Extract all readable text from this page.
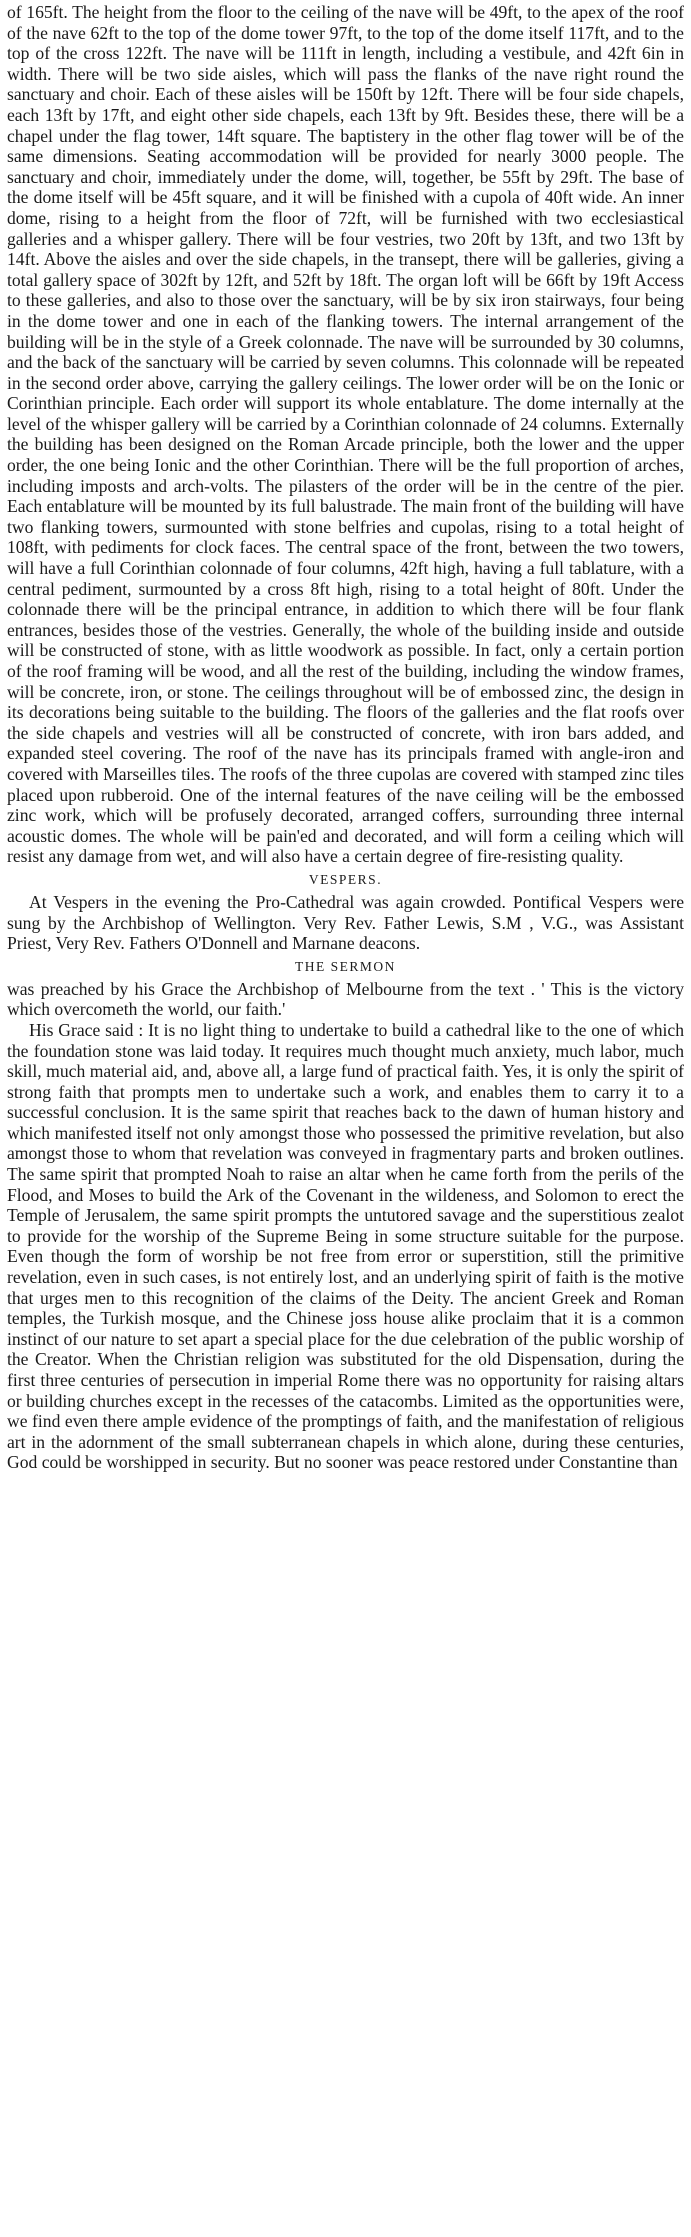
of 165ft. The height from the floor to the ceiling of the nave will be 49ft, to the apex of the roof of the nave 62ft to the top of the dome tower 97ft, to the top of the dome itself 117ft, and to the top of the cross 122ft. The nave will be 111ft in length, including a vestibule, and 42ft 6in in width. There will be two side aisles, which will pass the flanks of the nave right round the sanctuary and choir. Each of these aisles will be 150ft by 12ft. There will be four side chapels, each 13ft by 17ft, and eight other side chapels, each 13ft by 9ft. Besides these, there will be a chapel under the flag tower, 14ft square. The baptistery in the other flag tower will be of the same dimensions. Seating accommodation will be provided for nearly 3000 people. The sanctuary and choir, immediately under the dome, will, together, be 55ft by 29ft. The base of the dome itself will be 45ft square, and it will be finished with a cupola of 40ft wide. An inner dome, rising to a height from the floor of 72ft, will be furnished with two ecclesiastical galleries and a whisper gallery. There will be four vestries, two 20ft by 13ft, and two 13ft by 14ft. Above the aisles and over the side chapels, in the transept, there will be galleries, giving a total gallery space of 302ft by 12ft, and 52ft by 18ft. The organ loft will be 66ft by 19ft Access to these galleries, and also to those over the sanctuary, will be by six iron stairways, four being in the dome tower and one in each of the flanking towers. The internal arrangement of the building will be in the style of a Greek colonnade. The nave will be surrounded by 30 columns, and the back of the sanctuary will be carried by seven columns. This colonnade will be repeated in the second order above, carrying the gallery ceilings. The lower order will be on the Ionic or Corinthian principle. Each order will support its whole entablature. The dome internally at the level of the whisper gallery will be carried by a Corinthian colonnade of 24 columns. Externally the building has been designed on the Roman Arcade principle, both the lower and the upper order, the one being Ionic and the other Corinthian. There will be the full proportion of arches, including imposts and arch-volts. The pilasters of the order will be in the centre of the pier. Each entablature will be mounted by its full balustrade. The main front of the building will have two flanking towers, surmounted with stone belfries and cupolas, rising to a total height of 108ft, with pediments for clock faces. The central space of the front, between the two towers, will have a full Corinthian colonnade of four columns, 42ft high, having a full tablature, with a central pediment, surmounted by a cross 8ft high, rising to a total height of 80ft. Under the colonnade there will be the principal entrance, in addition to which there will be four flank entrances, besides those of the vestries. Generally, the whole of the building inside and outside will be constructed of stone, with as little woodwork as possible. In fact, only a certain portion of the roof framing will be wood, and all the rest of the building, including the window frames, will be concrete, iron, or stone. The ceilings throughout will be of embossed zinc, the design in its decorations being suitable to the building. The floors of the galleries and the flat roofs over the side chapels and vestries will all be constructed of concrete, with iron bars added, and expanded steel covering. The roof of the nave has its principals framed with angle-iron and covered with Marseilles tiles. The roofs of the three cupolas are covered with stamped zinc tiles placed upon rubberoid. One of the internal features of the nave ceiling will be the embossed zinc work, which will be profusely decorated, arranged coffers, surrounding three internal acoustic domes. The whole will be pain'ed and decorated, and will form a ceiling which will resist any damage from wet, and will also have a certain degree of fire-resisting quality.

VESPERS.

At Vespers in the evening the Pro-Cathedral was again crowded. Pontifical Vespers were sung by the Archbishop of Wellington. Very Rev. Father Lewis, S.M , V.G., was Assistant Priest, Very Rev. Fathers O'Donnell and Marnane deacons.

THE SERMON

was preached by his Grace the Archbishop of Melbourne from the text . ' This is the victory which overcometh the world, our faith.'

His Grace said : It is no light thing to undertake to build a cathedral like to the one of which the foundation stone was laid today. It requires much thought much anxiety, much labor, much skill, much material aid, and, above all, a large fund of practical faith. Yes, it is only the spirit of strong faith that prompts men to undertake such a work, and enables them to carry it to a successful conclusion. It is the same spirit that reaches back to the dawn of human history and which manifested itself not only amongst those who possessed the primitive revelation, but also amongst those to whom that revelation was conveyed in fragmentary parts and broken outlines. The same spirit that prompted Noah to raise an altar when he came forth from the perils of the Flood, and Moses to build the Ark of the Covenant in the wildeness, and Solomon to erect the Temple of Jerusalem, the same spirit prompts the untutored savage and the superstitious zealot to provide for the worship of the Supreme Being in some structure suitable for the purpose. Even though the form of worship be not free from error or superstition, still the primitive revelation, even in such cases, is not entirely lost, and an underlying spirit of faith is the motive that urges men to this recognition of the claims of the Deity. The ancient Greek and Roman temples, the Turkish mosque, and the Chinese joss house alike proclaim that it is a common instinct of our nature to set apart a special place for the due celebration of the public worship of the Creator. When the Christian religion was substituted for the old Dispensation, during the first three centuries of persecution in imperial Rome there was no opportunity for raising altars or building churches except in the recesses of the catacombs. Limited as the opportunities were, we find even there ample evidence of the promptings of faith, and the manifestation of religious art in the adornment of the small subterranean chapels in which alone, during these centuries, God could be worshipped in security. But no sooner was peace restored under Constantine than
